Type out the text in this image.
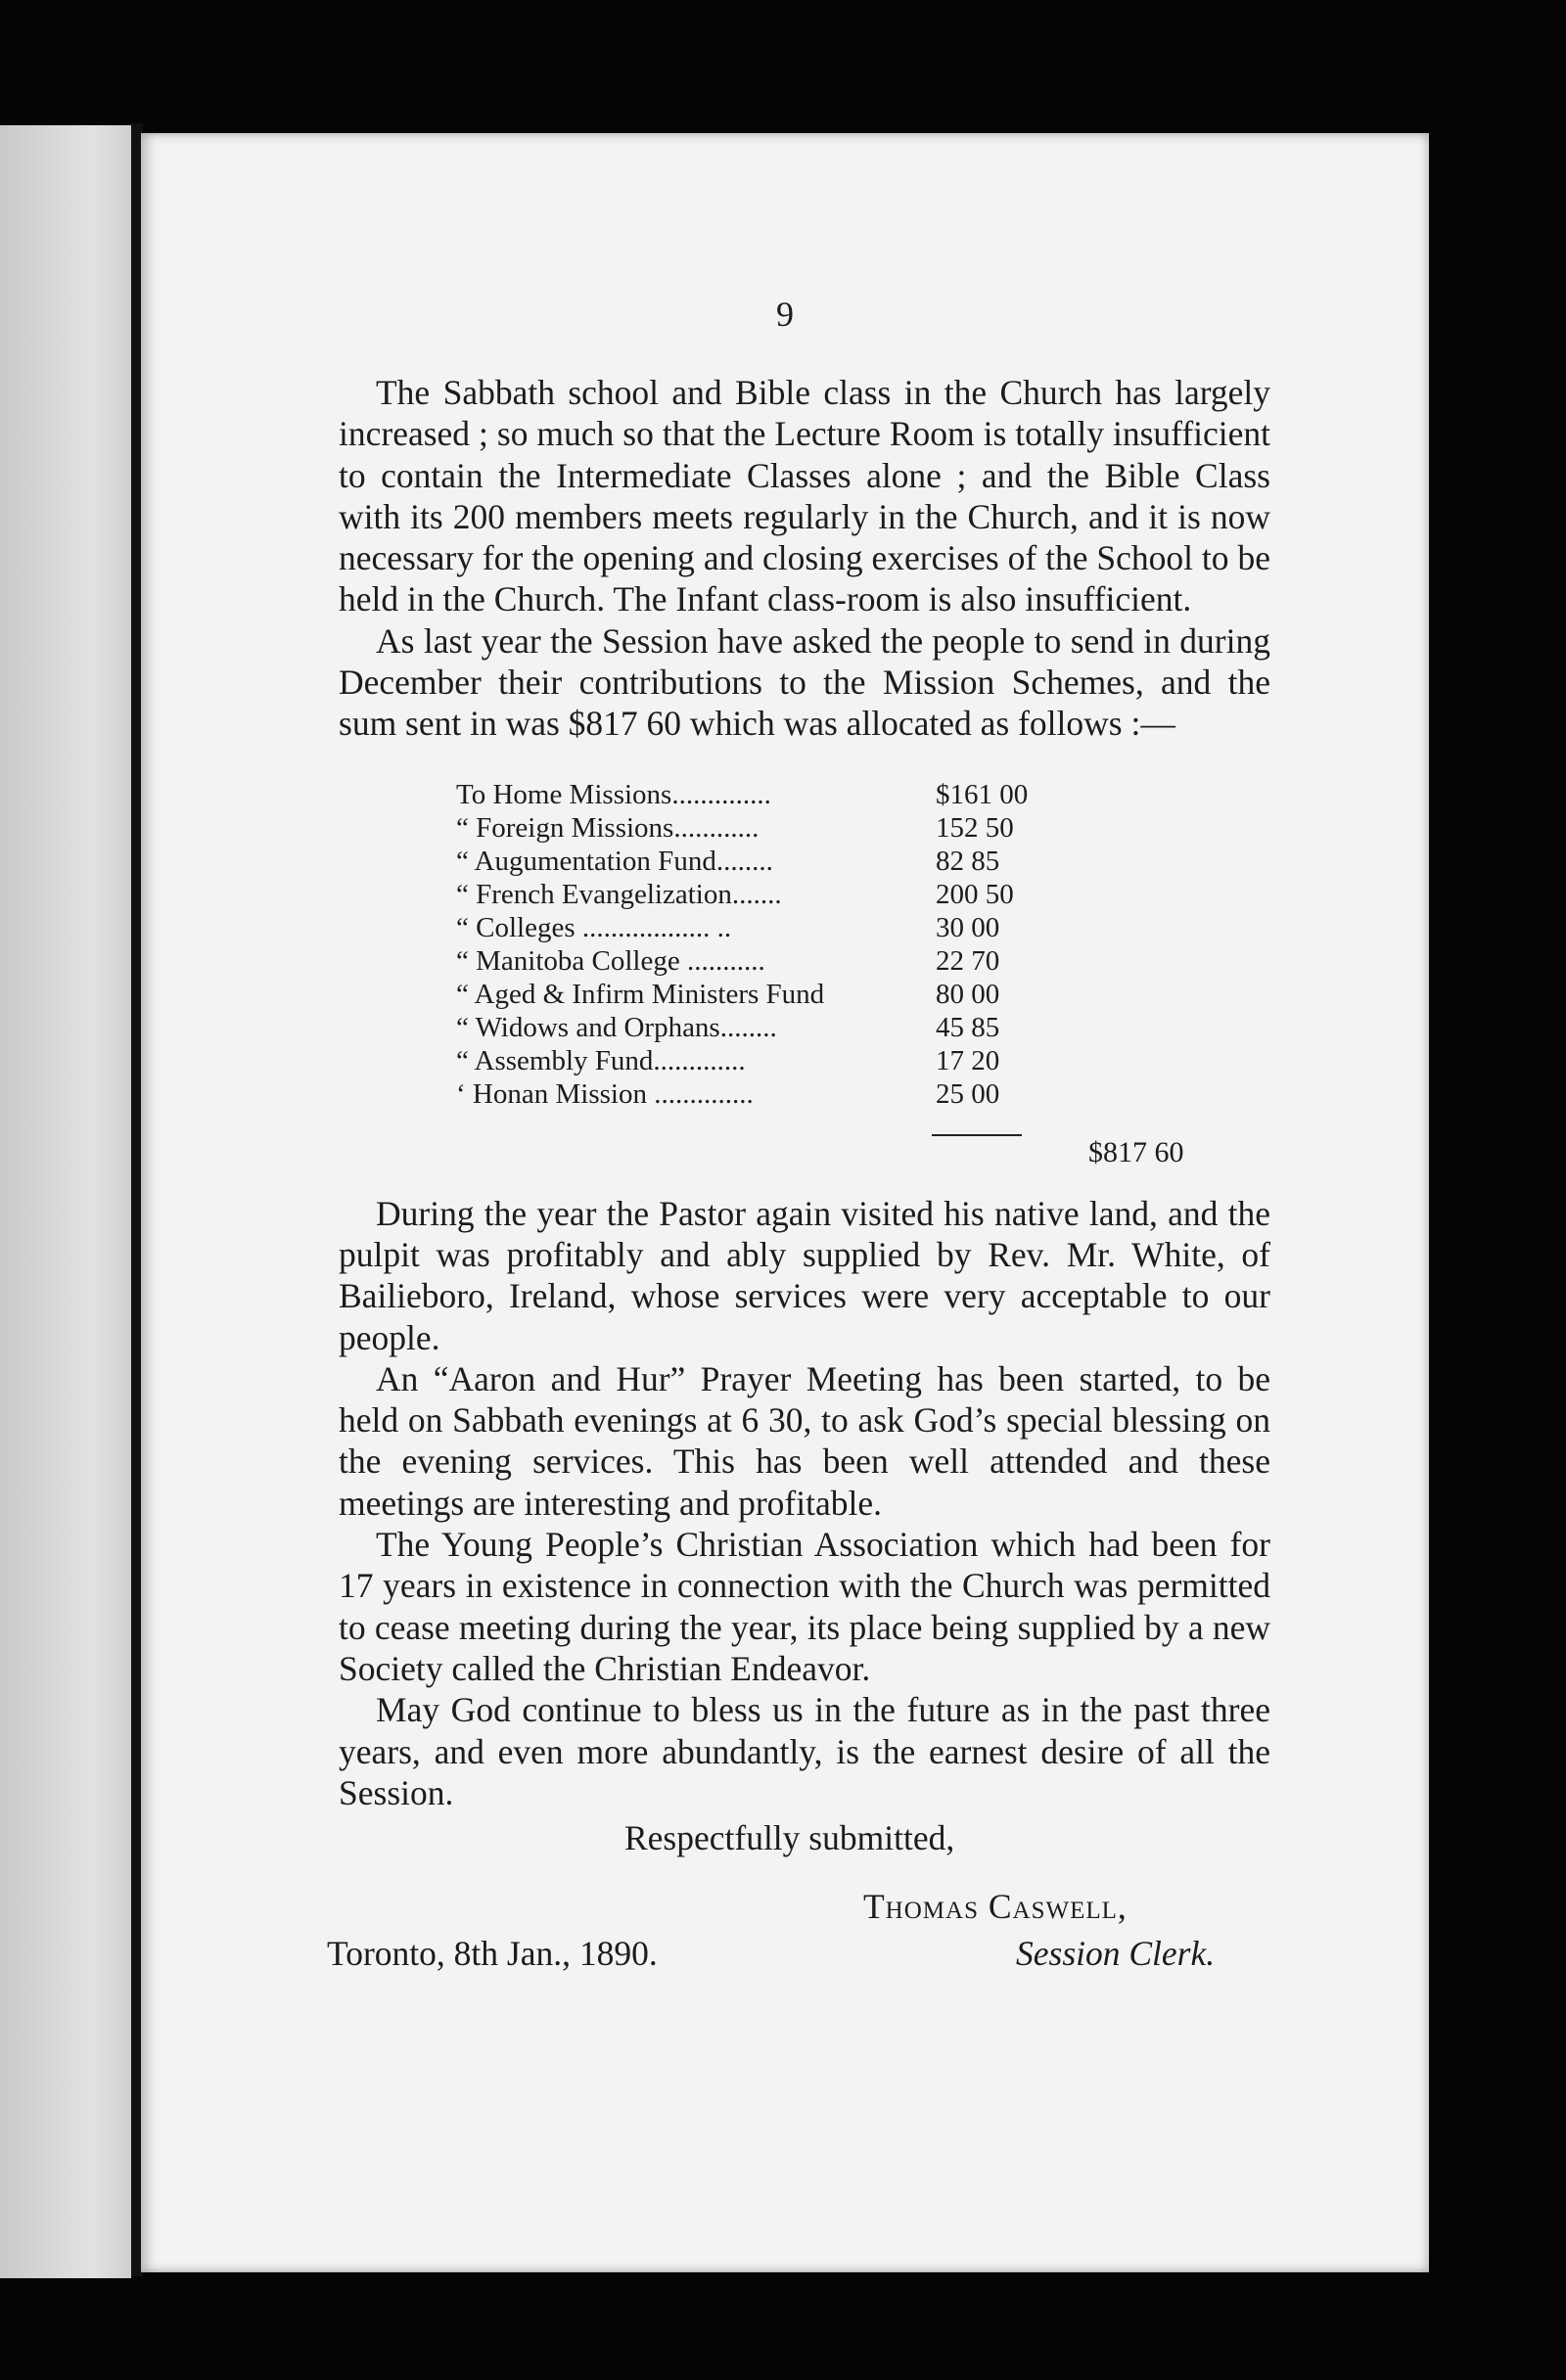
9

The Sabbath school and Bible class in the Church has largely increased ; so much so that the Lecture Room is totally insufficient to contain the Intermediate Classes alone ; and the Bible Class with its 200 members meets regularly in the Church, and it is now necessary for the opening and closing exercises of the School to be held in the Church. The Infant class-room is also insufficient.

As last year the Session have asked the people to send in during December their contributions to the Mission Schemes, and the sum sent in was $817 60 which was allocated as follows :—

To Home Missions..............	$161 00
“ Foreign Missions............	152 50
“ Augumentation Fund........	82 85
“ French Evangelization.......	200 50
“ Colleges .................. ..	30 00
“ Manitoba College ...........	22 70
“ Aged & Infirm Ministers Fund	80 00
“ Widows and Orphans........	45 85
“ Assembly Fund.............	17 20
‘ Honan Mission ..............	25 00
$817 60

During the year the Pastor again visited his native land, and the pulpit was profitably and ably supplied by Rev. Mr. White, of Bailieboro, Ireland, whose services were very acceptable to our people.

An “Aaron and Hur” Prayer Meeting has been started, to be held on Sabbath evenings at 6 30, to ask God’s special blessing on the evening services. This has been well attended and these meetings are interesting and profitable.

The Young People’s Christian Association which had been for 17 years in existence in connection with the Church was permitted to cease meeting during the year, its place being supplied by a new Society called the Christian Endeavor.

May God continue to bless us in the future as in the past three years, and even more abundantly, is the earnest desire of all the Session.

Respectfully submitted,
Thomas Caswell,
Toronto, 8th Jan., 1890.	Session Clerk.
